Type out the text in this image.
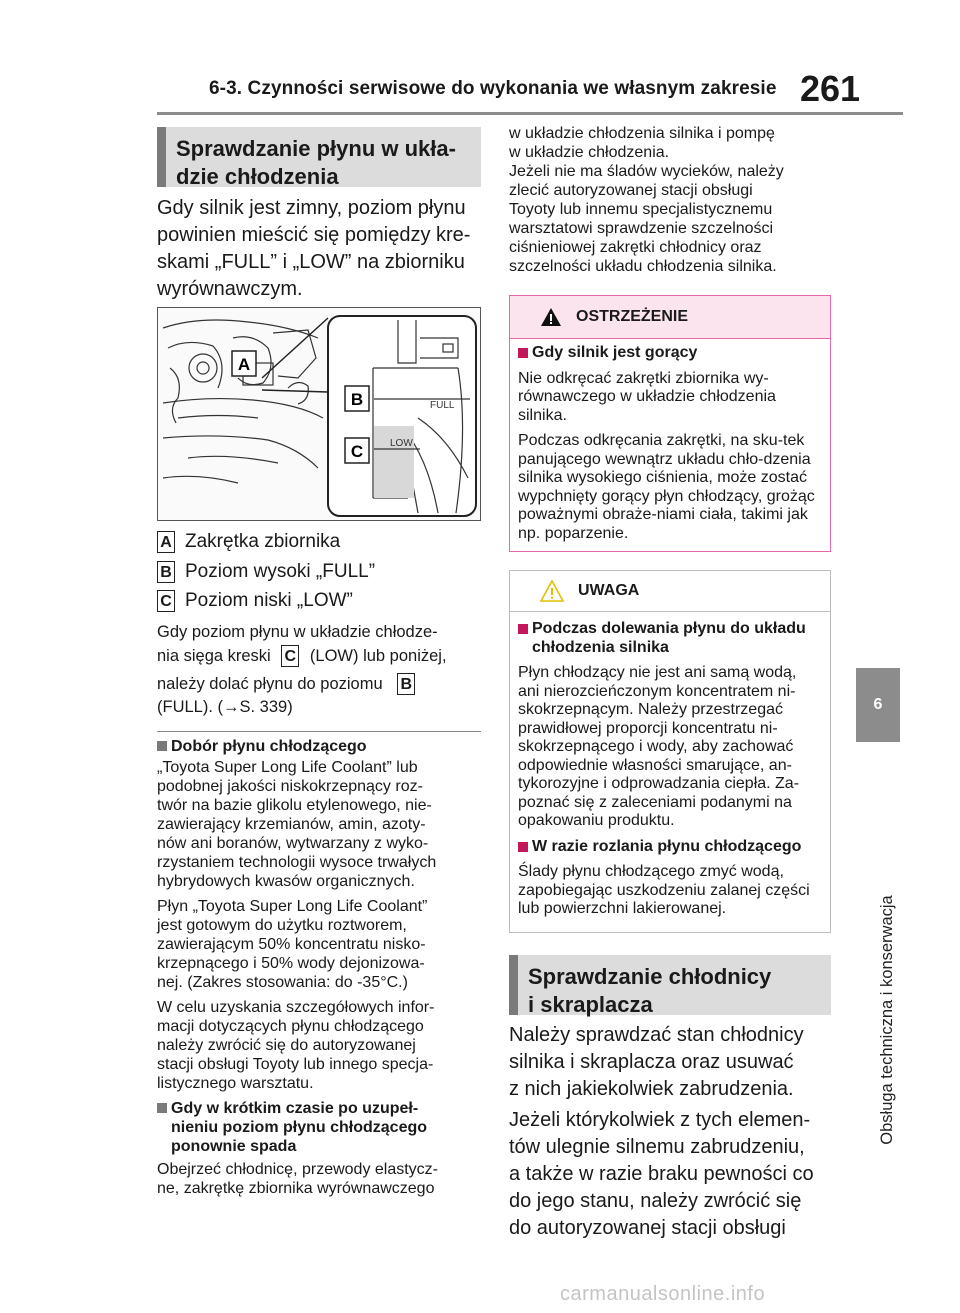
6-3. Czynności serwisowe do wykonania we własnym zakresie 261
6
Obsługa techniczna i konserwacja
Sprawdzanie płynu w ukła-
dzie chłodzenia
Gdy silnik jest zimny, poziom płynu
powinien mieścić się pomiędzy kre-
skami „FULL” i „LOW” na zbiorniku
wyrównawczym.
A
FULL
LOW
B
C
A Zakrętka zbiornika
B Poziom wysoki „FULL”
C Poziom niski „LOW”
Gdy poziom płynu w układzie chłodze-
nia sięga kreski C (LOW) lub poniżej,
należy dolać płynu do poziomu B
(FULL). (→S. 339)
Dobór płynu chłodzącego
„Toyota Super Long Life Coolant” lub
podobnej jakości niskokrzepnący roz-
twór na bazie glikolu etylenowego, nie-
zawierający krzemianów, amin, azoty-
nów ani boranów, wytwarzany z wyko-
rzystaniem technologii wysoce trwałych
hybrydowych kwasów organicznych.
Płyn „Toyota Super Long Life Coolant”
jest gotowym do użytku roztworem,
zawierającym 50% koncentratu nisko-
krzepnącego i 50% wody dejonizowa-
nej. (Zakres stosowania: do -35°C.)
W celu uzyskania szczegółowych infor-
macji dotyczących płynu chłodzącego
należy zwrócić się do autoryzowanej
stacji obsługi Toyoty lub innego specja-
listycznego warsztatu.
Gdy w krótkim czasie po uzupeł-
nieniu poziom płynu chłodzącego
ponownie spada
Obejrzeć chłodnicę, przewody elastycz-
ne, zakrętkę zbiornika wyrównawczego
w układzie chłodzenia silnika i pompę
w układzie chłodzenia.
Jeżeli nie ma śladów wycieków, należy
zlecić autoryzowanej stacji obsługi
Toyoty lub innemu specjalistycznemu
warsztatowi sprawdzenie szczelności
ciśnieniowej zakrętki chłodnicy oraz
szczelności układu chłodzenia silnika.
OSTRZEŻENIE

Gdy silnik jest gorący

Nie odkręcać zakrętki zbiornika wy-równawczego w układzie chłodzenia silnika.

Podczas odkręcania zakrętki, na sku-tek panującego wewnątrz układu chło-dzenia silnika wysokiego ciśnienia, może zostać wypchnięty gorący płyn chłodzący, grożąc poważnymi obraże-niami ciała, takimi jak np. poparzenie.

UWAGA

Podczas dolewania płynu do układu chłodzenia silnika

Płyn chłodzący nie jest ani samą wodą, ani nierozcieńczonym koncentratem ni-skokrzepnącym. Należy przestrzegać prawidłowej proporcji koncentratu ni-skokrzepnącego i wody, aby zachować odpowiednie własności smarujące, an-tykorozyjne i odprowadzania ciepła. Za-poznać się z zaleceniami podanymi na opakowaniu produktu.

W razie rozlania płynu chłodzącego

Ślady płynu chłodzącego zmyć wodą, zapobiegając uszkodzeniu zalanej części lub powierzchni lakierowanej.

Sprawdzanie chłodnicy
i skraplacza
Należy sprawdzać stan chłodnicy
silnika i skraplacza oraz usuwać
z nich jakiekolwiek zabrudzenia.
Jeżeli którykolwiek z tych elemen-
tów ulegnie silnemu zabrudzeniu,
a także w razie braku pewności co
do jego stanu, należy zwrócić się
do autoryzowanej stacji obsługi
carmanualsonline.info
